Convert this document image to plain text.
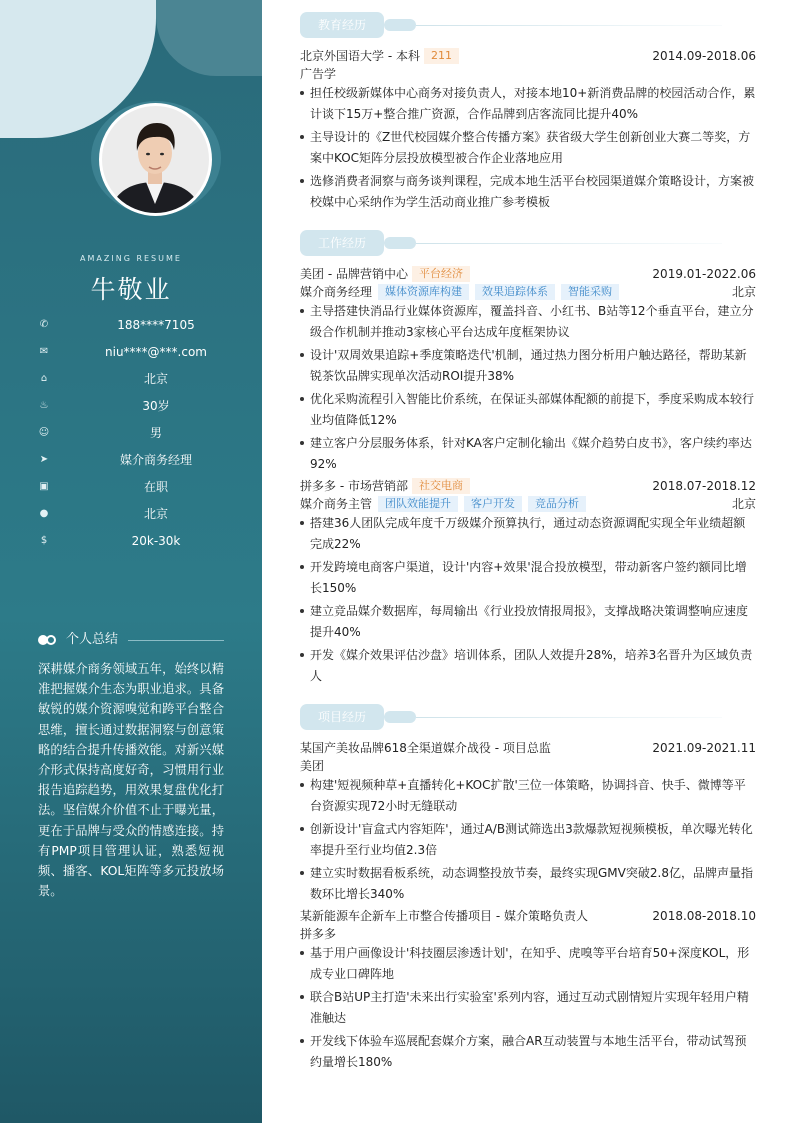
AMAZING RESUME
牛敬业
✆	188****7105
✉	niu****@***.com
⌂	北京
♨	30岁
☺	男
➤	媒介商务经理
▣	在职
●	北京
$	20k-30k
个人总结
深耕媒介商务领域五年，始终以精准把握媒介生态为职业追求。具备敏锐的媒介资源嗅觉和跨平台整合思维，擅长通过数据洞察与创意策略的结合提升传播效能。对新兴媒介形式保持高度好奇，习惯用行业报告追踪趋势，用效果复盘优化打法。坚信媒介价值不止于曝光量，更在于品牌与受众的情感连接。持有PMP项目管理认证，熟悉短视频、播客、KOL矩阵等多元投放场景。
教育经历
北京外国语大学 - 本科 211	2014.09-2018.06
广告学
担任校级新媒体中心商务对接负责人，对接本地10+新消费品牌的校园活动合作，累计谈下15万+整合推广资源，合作品牌到店客流同比提升40%
主导设计的《Z世代校园媒介整合传播方案》获省级大学生创新创业大赛二等奖，方案中KOC矩阵分层投放模型被合作企业落地应用
选修消费者洞察与商务谈判课程，完成本地生活平台校园渠道媒介策略设计，方案被校媒中心采纳作为学生活动商业推广参考模板
工作经历
美团 - 品牌营销中心 平台经济	2019.01-2022.06
媒介商务经理 媒体资源库构建 效果追踪体系 智能采购	北京
主导搭建快消品行业媒体资源库，覆盖抖音、小红书、B站等12个垂直平台，建立分级合作机制并推动3家核心平台达成年度框架协议
设计'双周效果追踪+季度策略迭代'机制，通过热力图分析用户触达路径，帮助某新锐茶饮品牌实现单次活动ROI提升38%
优化采购流程引入智能比价系统，在保证头部媒体配额的前提下，季度采购成本较行业均值降低12%
建立客户分层服务体系，针对KA客户定制化输出《媒介趋势白皮书》，客户续约率达92%
拼多多 - 市场营销部 社交电商	2018.07-2018.12
媒介商务主管 团队效能提升 客户开发 竞品分析	北京
搭建36人团队完成年度千万级媒介预算执行，通过动态资源调配实现全年业绩超额完成22%
开发跨境电商客户渠道，设计'内容+效果'混合投放模型，带动新客户签约额同比增长150%
建立竞品媒介数据库，每周输出《行业投放情报周报》，支撑战略决策调整响应速度提升40%
开发《媒介效果评估沙盘》培训体系，团队人效提升28%，培养3名晋升为区域负责人
项目经历
某国产美妆品牌618全渠道媒介战役 - 项目总监	2021.09-2021.11
美团
构建'短视频种草+直播转化+KOC扩散'三位一体策略，协调抖音、快手、微博等平台资源实现72小时无缝联动
创新设计'盲盒式内容矩阵'，通过A/B测试筛选出3款爆款短视频模板，单次曝光转化率提升至行业均值2.3倍
建立实时数据看板系统，动态调整投放节奏，最终实现GMV突破2.8亿，品牌声量指数环比增长340%
某新能源车企新车上市整合传播项目 - 媒介策略负责人	2018.08-2018.10
拼多多
基于用户画像设计'科技圈层渗透计划'，在知乎、虎嗅等平台培育50+深度KOL，形成专业口碑阵地
联合B站UP主打造'未来出行实验室'系列内容，通过互动式剧情短片实现年轻用户精准触达
开发线下体验车巡展配套媒介方案，融合AR互动装置与本地生活平台，带动试驾预约量增长180%
